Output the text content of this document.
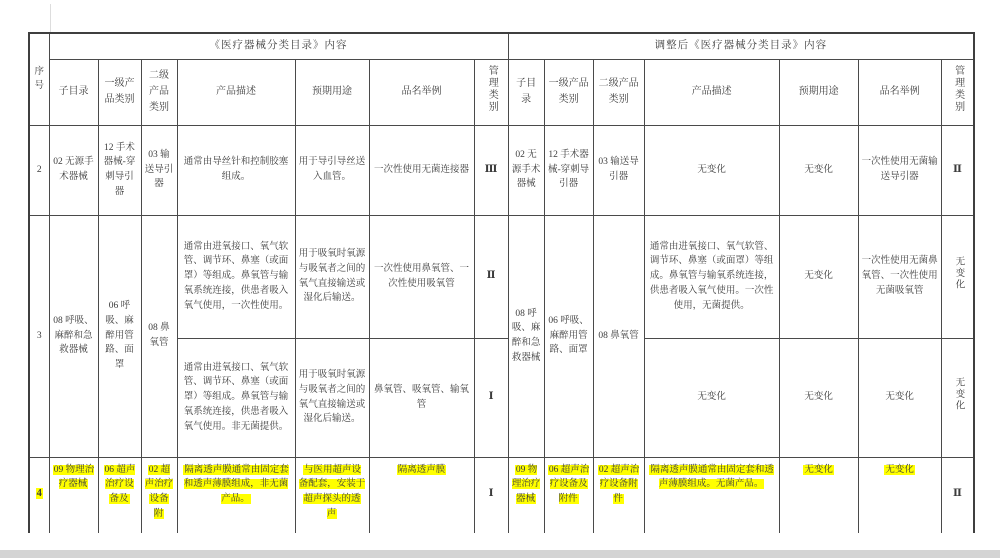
序号	《医疗器械分类目录》内容							调整后《医疗器械分类目录》内容						
	子目录	一级产品类别	二级产品类别	产品描述	预期用途	品名举例	管理类别	子目录	一级产品类别	二级产品类别	产品描述	预期用途	品名举例	管理类别
2	02 无源手术器械	12 手术器械-穿刺导引器	03 输送导引器	通常由导丝针和控制胶塞组成。	用于导引导丝送入血管。	一次性使用无菌连接器	Ⅲ	02 无源手术器械	12 手术器械-穿刺导引器	03 输送导引器	无变化	无变化	一次性使用无菌输送导引器	Ⅱ
3	08 呼吸、麻醉和急救器械	06 呼吸、麻醉用管路、面罩	08 鼻氧管	通常由进氧接口、氧气软管、调节环、鼻塞（或面罩）等组成。鼻氧管与输氧系统连接，供患者吸入氧气使用，一次性使用。	用于吸氧时氧源与吸氧者之间的氧气直接输送或湿化后输送。	一次性使用鼻氧管、一次性使用吸氧管	Ⅱ	08 呼吸、麻醉和急救器械	06 呼吸、麻醉用管路、面罩	08 鼻氧管	通常由进氧接口、氧气软管、调节环、鼻塞（或面罩）等组成。鼻氧管与输氧系统连接，供患者吸入氧气使用。一次性使用，无菌提供。	无变化	一次性使用无菌鼻氧管、一次性使用无菌吸氧管	无变化
				通常由进氧接口、氧气软管、调节环、鼻塞（或面罩）等组成。鼻氧管与输氧系统连接，供患者吸入氧气使用。非无菌提供。	用于吸氧时氧源与吸氧者之间的氧气直接输送或湿化后输送。	鼻氧管、吸氧管、输氧管	Ⅰ				无变化	无变化	无变化	无变化
4	09 物理治疗器械	06 超声治疗设备及	02 超声治疗设备附	隔离透声膜通常由固定套和透声薄膜组成，非无菌产品。	与医用超声设备配套，安装于超声探头的透声	隔离透声膜	Ⅰ	09 物理治疗器械	06 超声治疗设备及附件	02 超声治疗设备附件	隔离透声膜通常由固定套和透声薄膜组成。无菌产品。	无变化	无变化	Ⅱ
